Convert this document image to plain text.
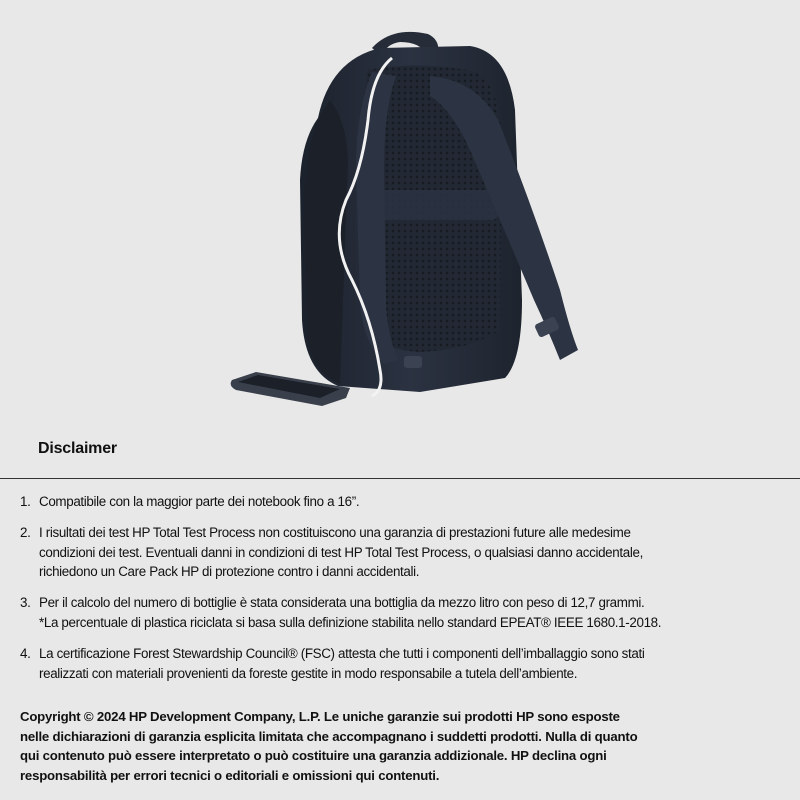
Disclaimer
1. Compatibile con la maggior parte dei notebook fino a 16”.
2. I risultati dei test HP Total Test Process non costituiscono una garanzia di prestazioni future alle medesime
condizioni dei test. Eventuali danni in condizioni di test HP Total Test Process, o qualsiasi danno accidentale,
richiedono un Care Pack HP di protezione contro i danni accidentali.
3. Per il calcolo del numero di bottiglie è stata considerata una bottiglia da mezzo litro con peso di 12,7 grammi.
*La percentuale di plastica riciclata si basa sulla definizione stabilita nello standard EPEAT® IEEE 1680.1-2018.
4. La certificazione Forest Stewardship Council® (FSC) attesta che tutti i componenti dell’imballaggio sono stati
realizzati con materiali provenienti da foreste gestite in modo responsabile a tutela dell’ambiente.
Copyright © 2024 HP Development Company, L.P. Le uniche garanzie sui prodotti HP sono esposte
nelle dichiarazioni di garanzia esplicita limitata che accompagnano i suddetti prodotti. Nulla di quanto
qui contenuto può essere interpretato o può costituire una garanzia addizionale. HP declina ogni
responsabilità per errori tecnici o editoriali e omissioni qui contenuti.
